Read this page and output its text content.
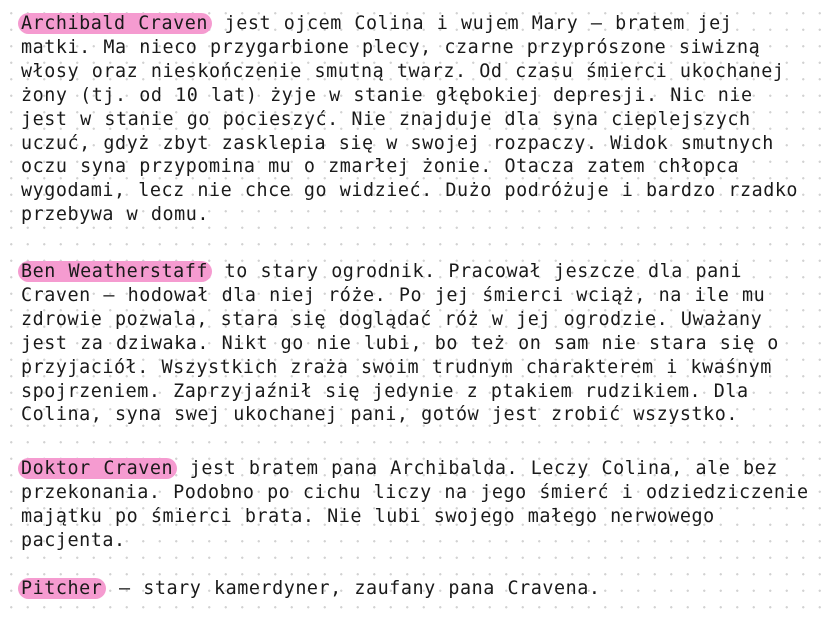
Archibald Craven jest ojcem Colina i wujem Mary – bratem jej matki. Ma nieco przygarbione plecy, czarne przyprószone siwizną włosy oraz nieskończenie smutną twarz. Od czasu śmierci ukochanej żony (tj. od 10 lat) żyje w stanie głębokiej depresji. Nic nie jest w stanie go pocieszyć. Nie znajduje dla syna cieplejszych uczuć, gdyż zbyt zasklepia się w swojej rozpaczy. Widok smutnych oczu syna przypomina mu o zmarłej żonie. Otacza zatem chłopca wygodami, lecz nie chce go widzieć. Dużo podróżuje i bardzo rzadko przebywa w domu.

Ben Weatherstaff to stary ogrodnik. Pracował jeszcze dla pani Craven – hodował dla niej róże. Po jej śmierci wciąż, na ile mu zdrowie pozwala, stara się doglądać róż w jej ogrodzie. Uważany jest za dziwaka. Nikt go nie lubi, bo też on sam nie stara się o przyjaciół. Wszystkich zraża swoim trudnym charakterem i kwaśnym spojrzeniem. Zaprzyjaźnił się jedynie z ptakiem rudzikiem. Dla Colina, syna swej ukochanej pani, gotów jest zrobić wszystko.

Doktor Craven jest bratem pana Archibalda. Leczy Colina, ale bez przekonania. Podobno po cichu liczy na jego śmierć i odziedziczenie majątku po śmierci brata. Nie lubi swojego małego nerwowego pacjenta.

Pitcher – stary kamerdyner, zaufany pana Cravena.
